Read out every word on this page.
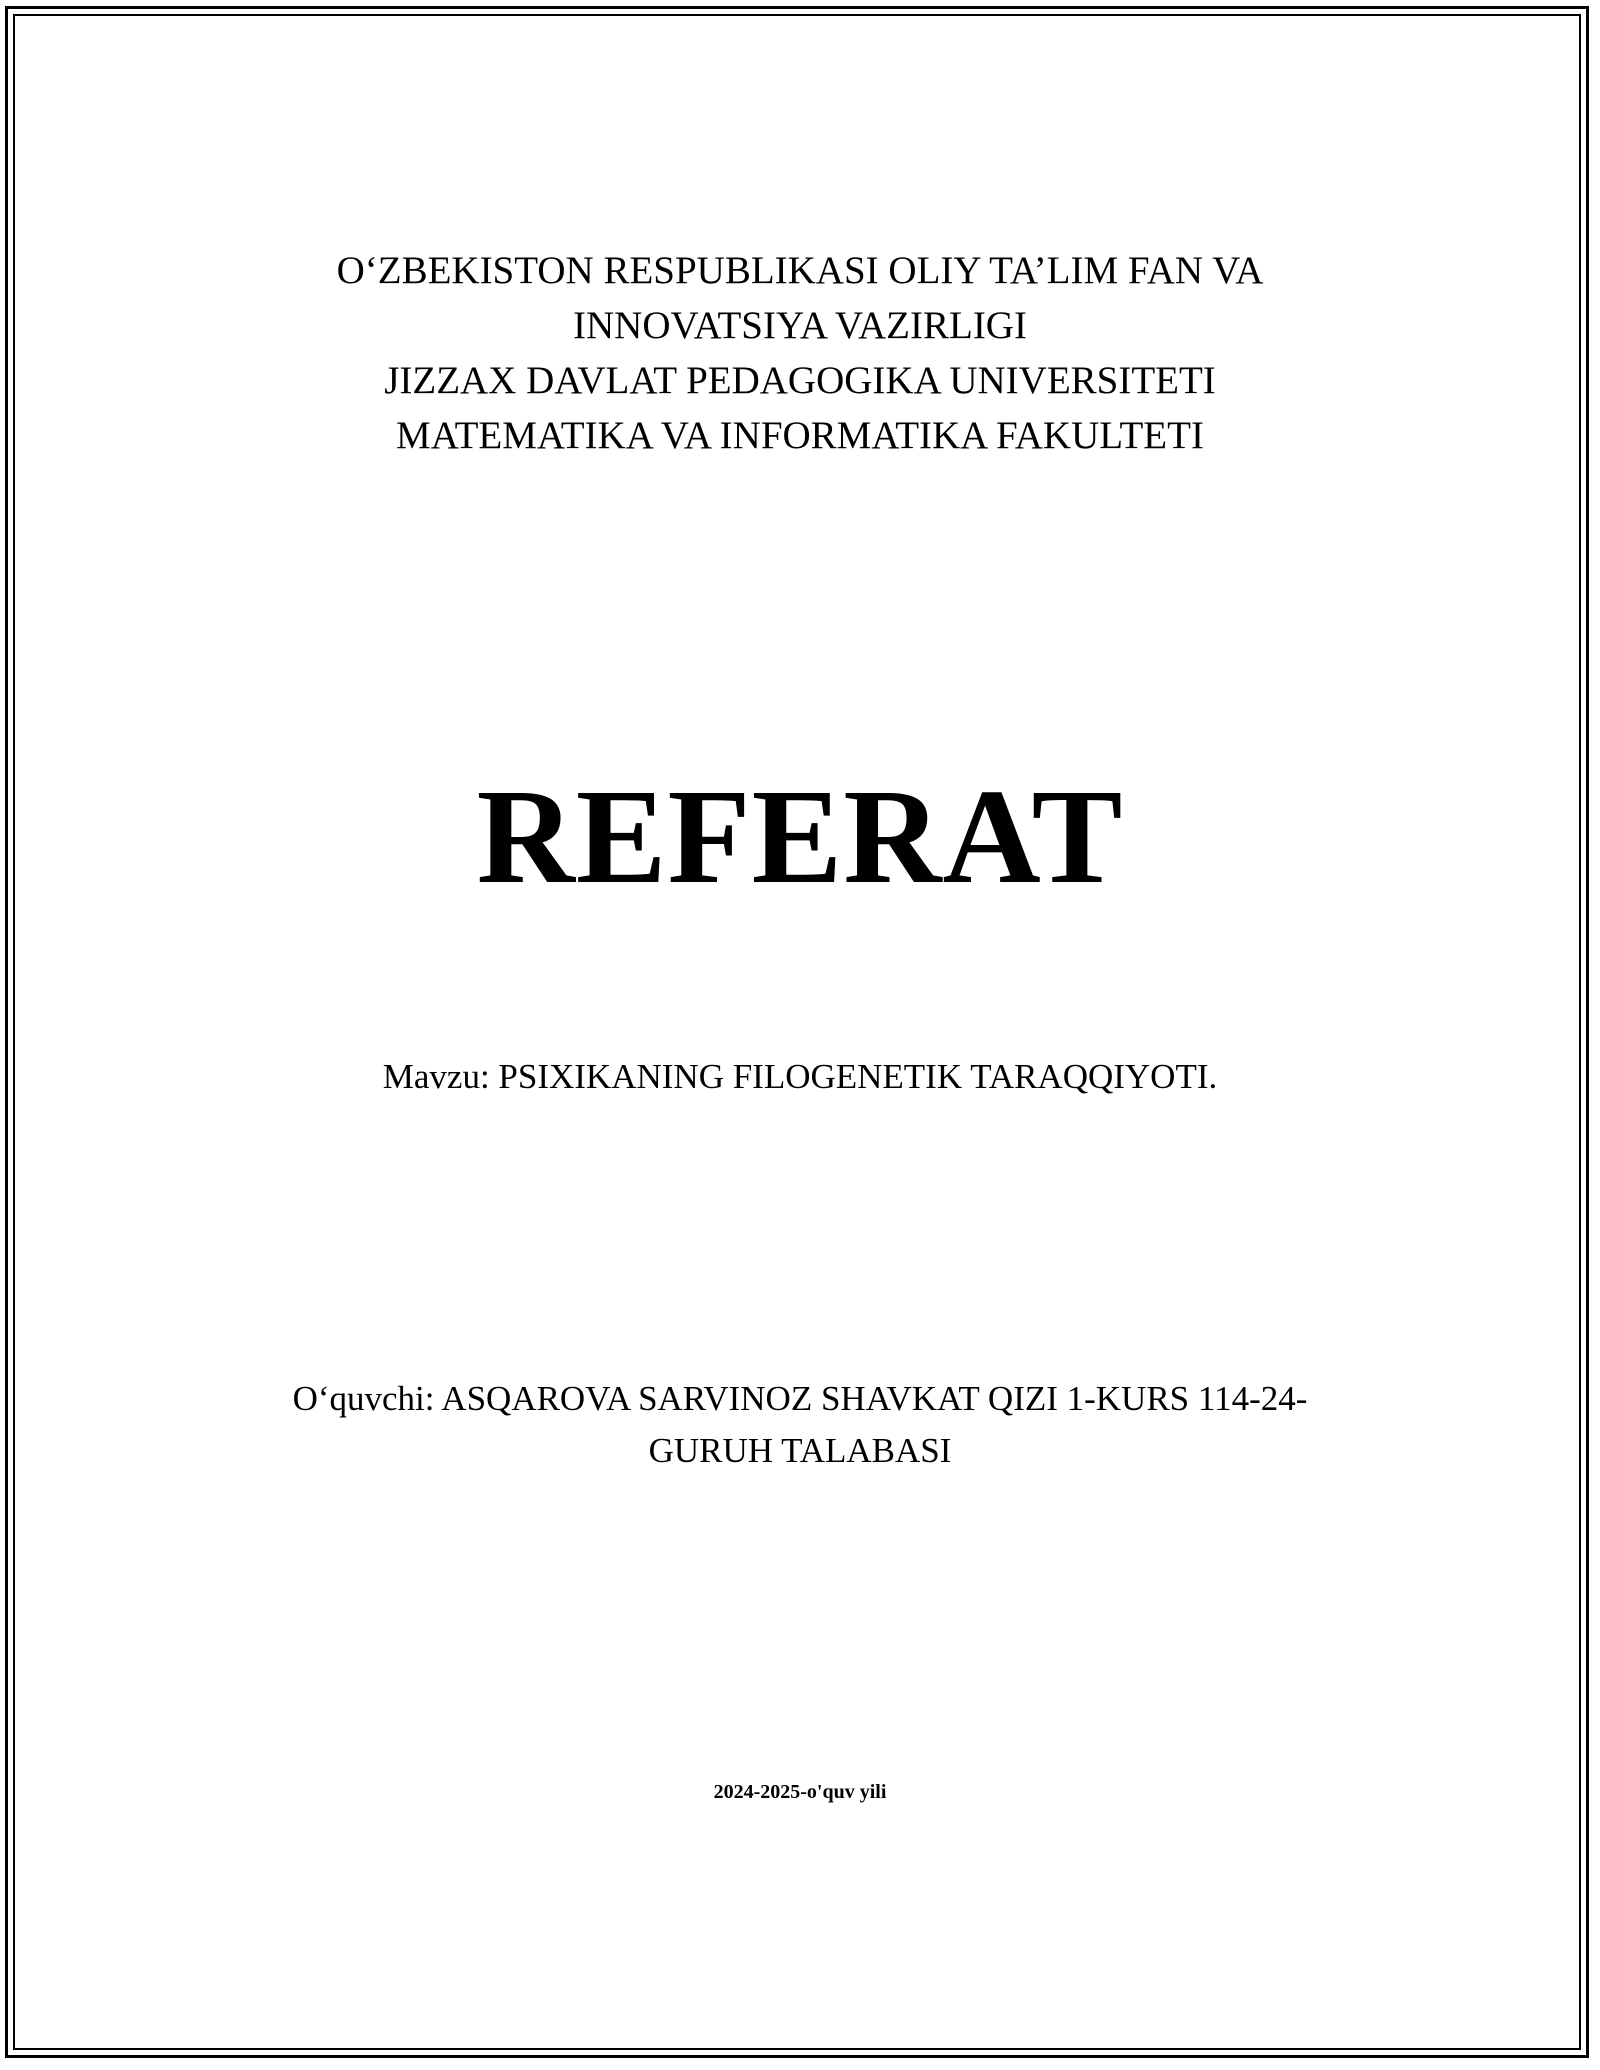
O‘ZBEKISTON RESPUBLIKASI OLIY TA’LIM FAN VA
INNOVATSIYA VAZIRLIGI
JIZZAX DAVLAT PEDAGOGIKA UNIVERSITETI
MATEMATIKA VA INFORMATIKA FAKULTETI
REFERAT
Mavzu: PSIXIKANING FILOGENETIK TARAQQIYOTI.
O‘quvchi: ASQAROVA SARVINOZ SHAVKAT QIZI 1-KURS 114-24-
GURUH TALABASI
2024-2025-o'quv yili
